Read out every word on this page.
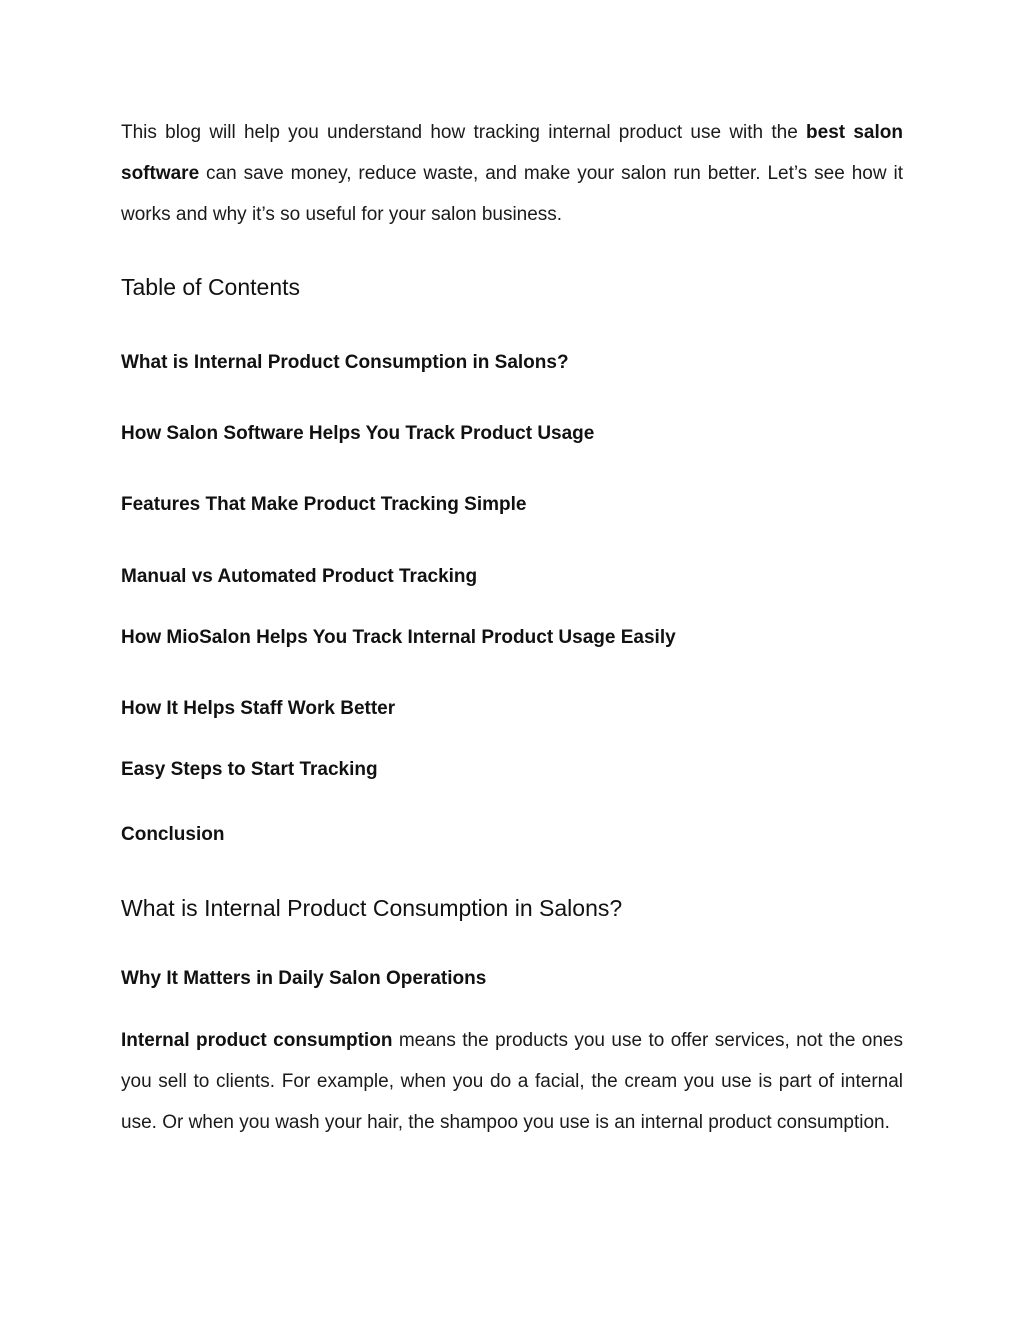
This blog will help you understand how tracking internal product use with the best salon software can save money, reduce waste, and make your salon run better. Let’s see how it works and why it’s so useful for your salon business.

Table of Contents

What is Internal Product Consumption in Salons?

How Salon Software Helps You Track Product Usage

Features That Make Product Tracking Simple

Manual vs Automated Product Tracking

How MioSalon Helps You Track Internal Product Usage Easily

How It Helps Staff Work Better

Easy Steps to Start Tracking

Conclusion

What is Internal Product Consumption in Salons?
Why It Matters in Daily Salon Operations

Internal product consumption means the products you use to offer services, not the ones you sell to clients. For example, when you do a facial, the cream you use is part of internal use. Or when you wash your hair, the shampoo you use is an internal product consumption.
